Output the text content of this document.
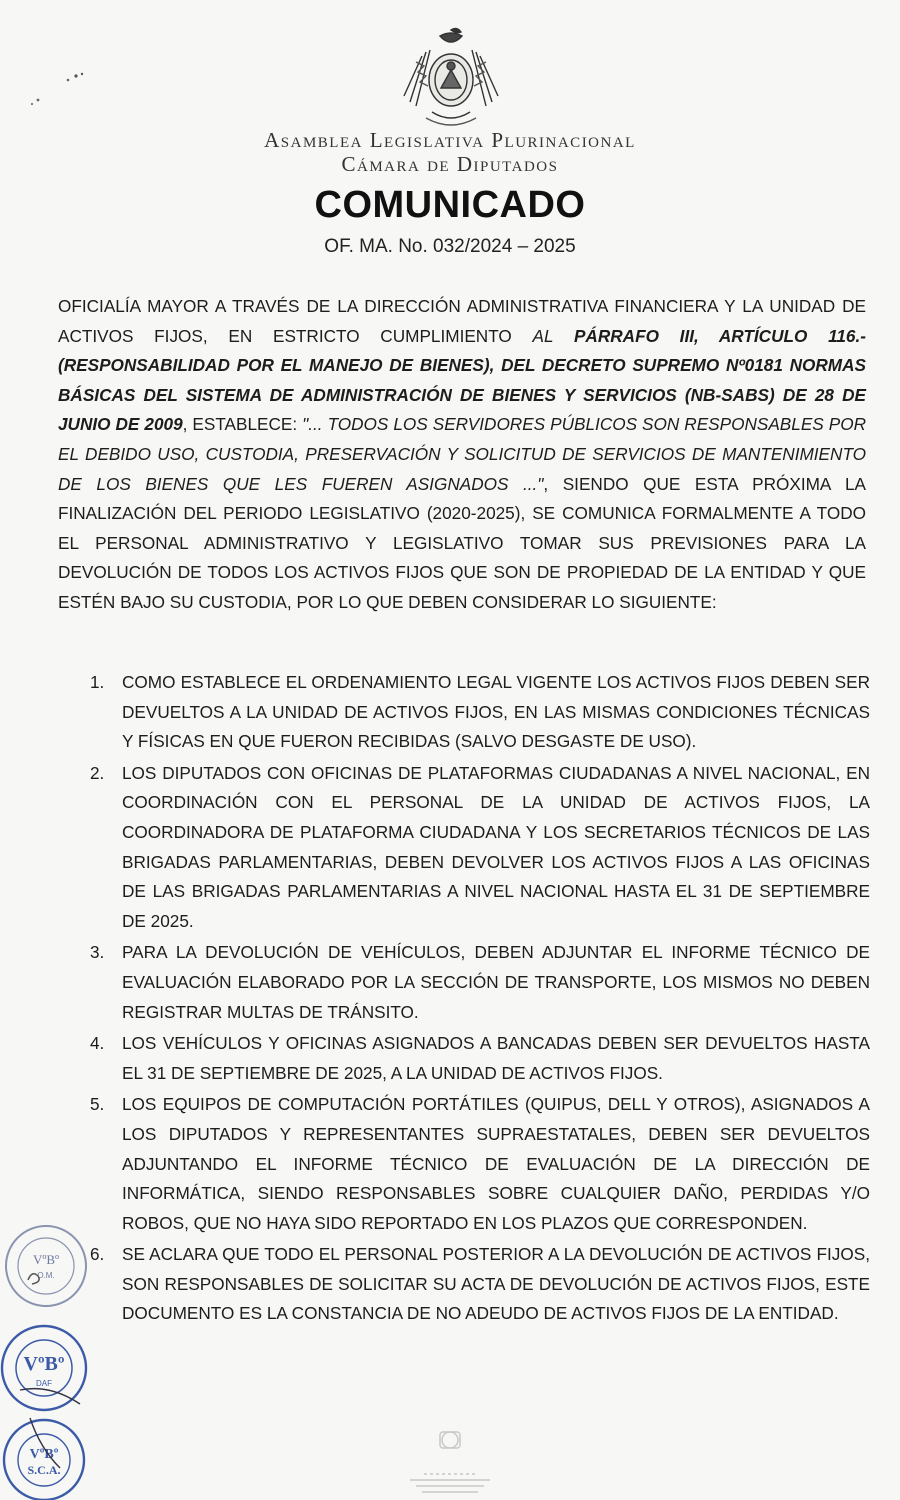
Asamblea Legislativa Plurinacional
Cámara de Diputados
COMUNICADO
OF. MA. No. 032/2024 – 2025
OFICIALÍA MAYOR A TRAVÉS DE LA DIRECCIÓN ADMINISTRATIVA FINANCIERA Y LA UNIDAD DE ACTIVOS FIJOS, EN ESTRICTO CUMPLIMIENTO AL PÁRRAFO III, ARTÍCULO 116.- (RESPONSABILIDAD POR EL MANEJO DE BIENES), DEL DECRETO SUPREMO Nº0181 NORMAS BÁSICAS DEL SISTEMA DE ADMINISTRACIÓN DE BIENES Y SERVICIOS (NB-SABS) DE 28 DE JUNIO DE 2009, ESTABLECE: "... TODOS LOS SERVIDORES PÚBLICOS SON RESPONSABLES POR EL DEBIDO USO, CUSTODIA, PRESERVACIÓN Y SOLICITUD DE SERVICIOS DE MANTENIMIENTO DE LOS BIENES QUE LES FUEREN ASIGNADOS ...", SIENDO QUE ESTA PRÓXIMA LA FINALIZACIÓN DEL PERIODO LEGISLATIVO (2020-2025), SE COMUNICA FORMALMENTE A TODO EL PERSONAL ADMINISTRATIVO Y LEGISLATIVO TOMAR SUS PREVISIONES PARA LA DEVOLUCIÓN DE TODOS LOS ACTIVOS FIJOS QUE SON DE PROPIEDAD DE LA ENTIDAD Y QUE ESTÉN BAJO SU CUSTODIA, POR LO QUE DEBEN CONSIDERAR LO SIGUIENTE:
1. COMO ESTABLECE EL ORDENAMIENTO LEGAL VIGENTE LOS ACTIVOS FIJOS DEBEN SER DEVUELTOS A LA UNIDAD DE ACTIVOS FIJOS, EN LAS MISMAS CONDICIONES TÉCNICAS Y FÍSICAS EN QUE FUERON RECIBIDAS (SALVO DESGASTE DE USO).
2. LOS DIPUTADOS CON OFICINAS DE PLATAFORMAS CIUDADANAS A NIVEL NACIONAL, EN COORDINACIÓN CON EL PERSONAL DE LA UNIDAD DE ACTIVOS FIJOS, LA COORDINADORA DE PLATAFORMA CIUDADANA Y LOS SECRETARIOS TÉCNICOS DE LAS BRIGADAS PARLAMENTARIAS, DEBEN DEVOLVER LOS ACTIVOS FIJOS A LAS OFICINAS DE LAS BRIGADAS PARLAMENTARIAS A NIVEL NACIONAL HASTA EL 31 DE SEPTIEMBRE DE 2025.
3. PARA LA DEVOLUCIÓN DE VEHÍCULOS, DEBEN ADJUNTAR EL INFORME TÉCNICO DE EVALUACIÓN ELABORADO POR LA SECCIÓN DE TRANSPORTE, LOS MISMOS NO DEBEN REGISTRAR MULTAS DE TRÁNSITO.
4. LOS VEHÍCULOS Y OFICINAS ASIGNADOS A BANCADAS DEBEN SER DEVUELTOS HASTA EL 31 DE SEPTIEMBRE DE 2025, A LA UNIDAD DE ACTIVOS FIJOS.
5. LOS EQUIPOS DE COMPUTACIÓN PORTÁTILES (QUIPUS, DELL Y OTROS), ASIGNADOS A LOS DIPUTADOS Y REPRESENTANTES SUPRAESTATALES, DEBEN SER DEVUELTOS ADJUNTANDO EL INFORME TÉCNICO DE EVALUACIÓN DE LA DIRECCIÓN DE INFORMÁTICA, SIENDO RESPONSABLES SOBRE CUALQUIER DAÑO, PERDIDAS Y/O ROBOS, QUE NO HAYA SIDO REPORTADO EN LOS PLAZOS QUE CORRESPONDEN.
6. SE ACLARA QUE TODO EL PERSONAL POSTERIOR A LA DEVOLUCIÓN DE ACTIVOS FIJOS, SON RESPONSABLES DE SOLICITAR SU ACTA DE DEVOLUCIÓN DE ACTIVOS FIJOS, ESTE DOCUMENTO ES LA CONSTANCIA DE NO ADEUDO DE ACTIVOS FIJOS DE LA ENTIDAD.
VºBº
O.M.
VºBº
DAF
VºBº
S.C.A.
